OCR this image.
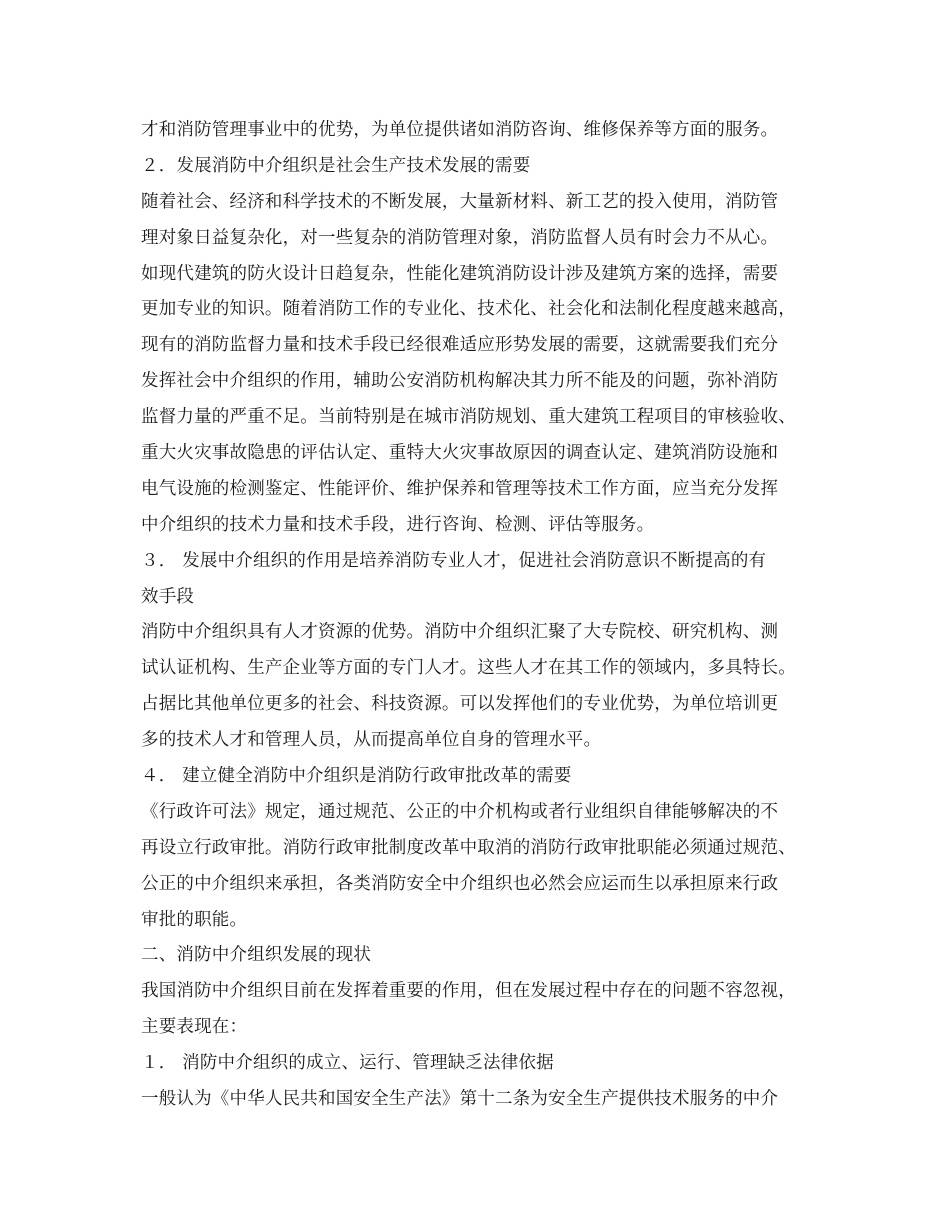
才和消防管理事业中的优势，为单位提供诸如消防咨询、维修保养等方面的服务。
２．发展消防中介组织是社会生产技术发展的需要
随着社会、经济和科学技术的不断发展，大量新材料、新工艺的投入使用，消防管
理对象日益复杂化，对一些复杂的消防管理对象，消防监督人员有时会力不从心。
如现代建筑的防火设计日趋复杂，性能化建筑消防设计涉及建筑方案的选择，需要
更加专业的知识。随着消防工作的专业化、技术化、社会化和法制化程度越来越高，
现有的消防监督力量和技术手段已经很难适应形势发展的需要，这就需要我们充分
发挥社会中介组织的作用，辅助公安消防机构解决其力所不能及的问题，弥补消防
监督力量的严重不足。当前特别是在城市消防规划、重大建筑工程项目的审核验收、
重大火灾事故隐患的评估认定、重特大火灾事故原因的调查认定、建筑消防设施和
电气设施的检测鉴定、性能评价、维护保养和管理等技术工作方面，应当充分发挥
中介组织的技术力量和技术手段，进行咨询、检测、评估等服务。
３． 发展中介组织的作用是培养消防专业人才，促进社会消防意识不断提高的有
效手段
消防中介组织具有人才资源的优势。消防中介组织汇聚了大专院校、研究机构、测
试认证机构、生产企业等方面的专门人才。这些人才在其工作的领域内，多具特长。
占据比其他单位更多的社会、科技资源。可以发挥他们的专业优势，为单位培训更
多的技术人才和管理人员，从而提高单位自身的管理水平。
４． 建立健全消防中介组织是消防行政审批改革的需要
《行政许可法》规定，通过规范、公正的中介机构或者行业组织自律能够解决的不
再设立行政审批。消防行政审批制度改革中取消的消防行政审批职能必须通过规范、
公正的中介组织来承担，各类消防安全中介组织也必然会应运而生以承担原来行政
审批的职能。
二、消防中介组织发展的现状
我国消防中介组织目前在发挥着重要的作用，但在发展过程中存在的问题不容忽视，
主要表现在：
１． 消防中介组织的成立、运行、管理缺乏法律依据
一般认为《中华人民共和国安全生产法》第十二条为安全生产提供技术服务的中介
